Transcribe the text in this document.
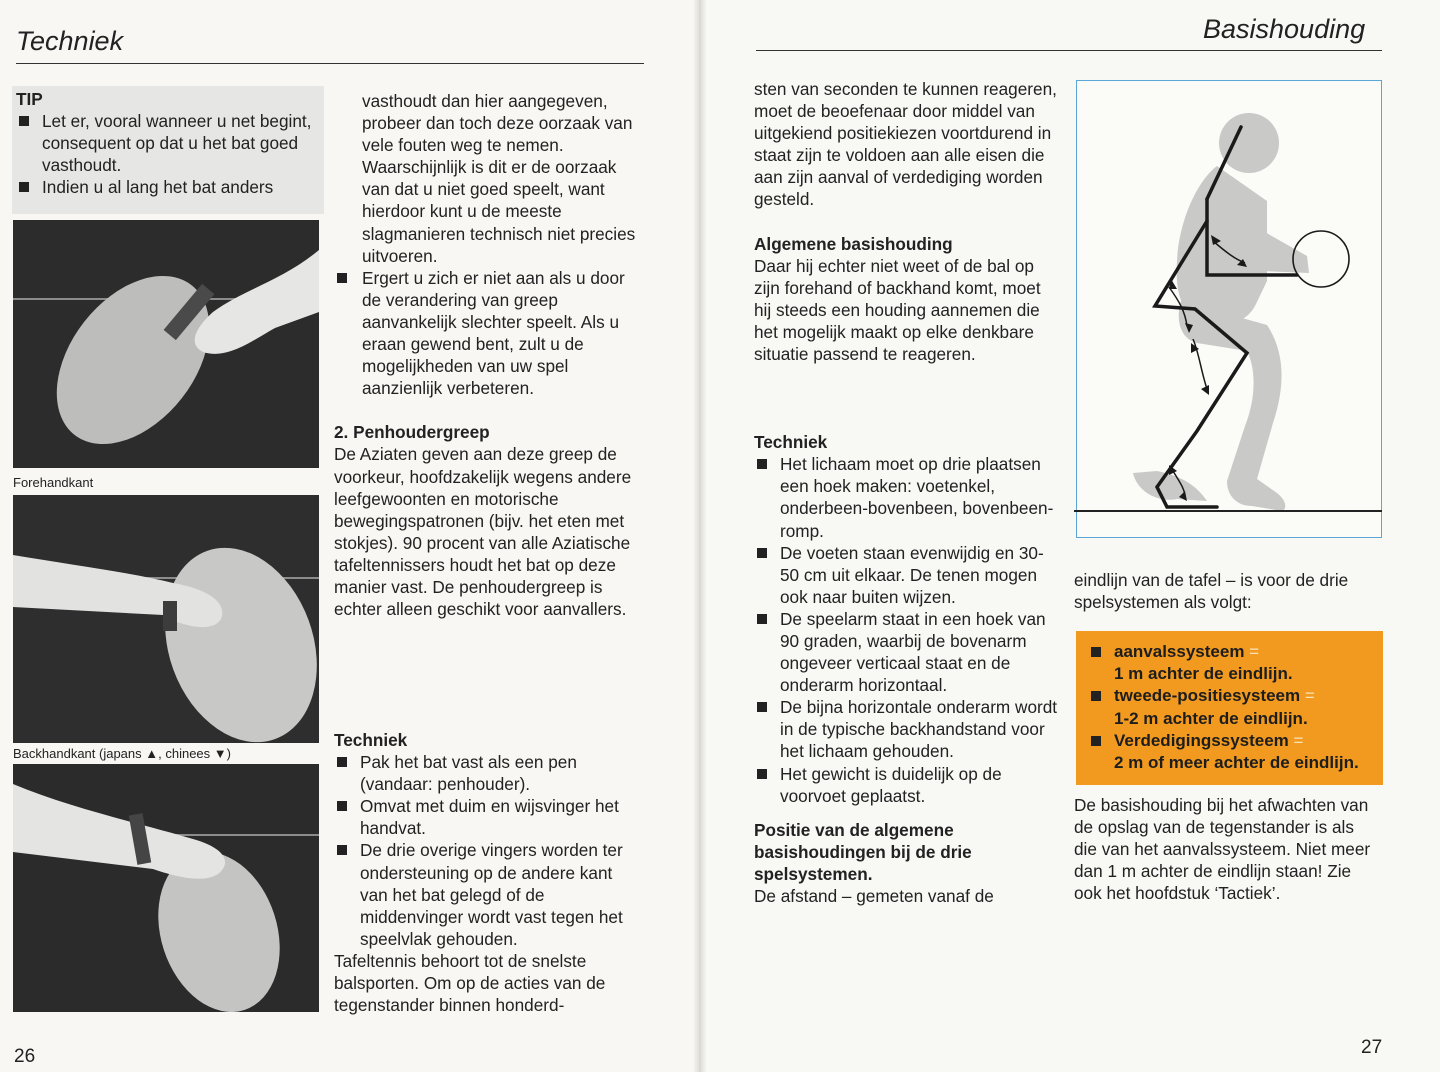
Techniek

TIP

Let er, vooral wanneer u net begint, consequent op dat u het bat goed vasthoudt.

Indien u al lang het bat anders

Forehandkant
Backhandkant (japans ▲, chinees ▼)
26

vasthoudt dan hier aangegeven, probeer dan toch deze oorzaak van vele fouten weg te nemen. Waarschijnlijk is dit er de oorzaak van dat u niet goed speelt, want hierdoor kunt u de meeste slagmanieren technisch niet precies uitvoeren.

Ergert u zich er niet aan als u door de verandering van greep aanvankelijk slechter speelt. Als u eraan gewend bent, zult u de mogelijkheden van uw spel aanzienlijk verbeteren.

2. Penhoudergreep

De Aziaten geven aan deze greep de voorkeur, hoofdzakelijk wegens andere leefgewoonten en motorische bewegingspatronen (bijv. het eten met stokjes). 90 procent van alle Aziatische tafeltennissers houdt het bat op deze manier vast. De penhoudergreep is echter alleen geschikt voor aanvallers.

Techniek

Pak het bat vast als een pen (vandaar: penhouder).

Omvat met duim en wijsvinger het handvat.

De drie overige vingers worden ter ondersteuning op de andere kant van het bat gelegd of de middenvinger wordt vast tegen het speelvlak gehouden.

Tafeltennis behoort tot de snelste balsporten. Om op de acties van de tegenstander binnen honderd-

Basishouding

sten van seconden te kunnen reageren, moet de beoefenaar door middel van uitgekiend positiekiezen voortdurend in staat zijn te voldoen aan alle eisen die aan zijn aanval of verdediging worden gesteld.

Algemene basishouding

Daar hij echter niet weet of de bal op zijn forehand of backhand komt, moet hij steeds een houding aannemen die het mogelijk maakt op elke denkbare situatie passend te reageren.

Techniek

Het lichaam moet op drie plaatsen een hoek maken: voetenkel, onderbeen-bovenbeen, bovenbeen-romp.

De voeten staan evenwijdig en 30-50 cm uit elkaar. De tenen mogen ook naar buiten wijzen.

De speelarm staat in een hoek van 90 graden, waarbij de bovenarm ongeveer verticaal staat en de onderarm horizontaal.

De bijna horizontale onderarm wordt in de typische backhandstand voor het lichaam gehouden.

Het gewicht is duidelijk op de voorvoet geplaatst.

Positie van de algemene basishoudingen bij de drie spelsystemen.

De afstand – gemeten vanaf de

eindlijn van de tafel – is voor de drie spelsystemen als volgt:

aanvalssysteem =

1 m achter de eindlijn.

tweede-positiesysteem =

1-2 m achter de eindlijn.

Verdedigingssysteem =

2 m of meer achter de eindlijn.

De basishouding bij het afwachten van de opslag van de tegenstander is als die van het aanvalssysteem. Niet meer dan 1 m achter de eindlijn staan! Zie ook het hoofdstuk ‘Tactiek’.

27
